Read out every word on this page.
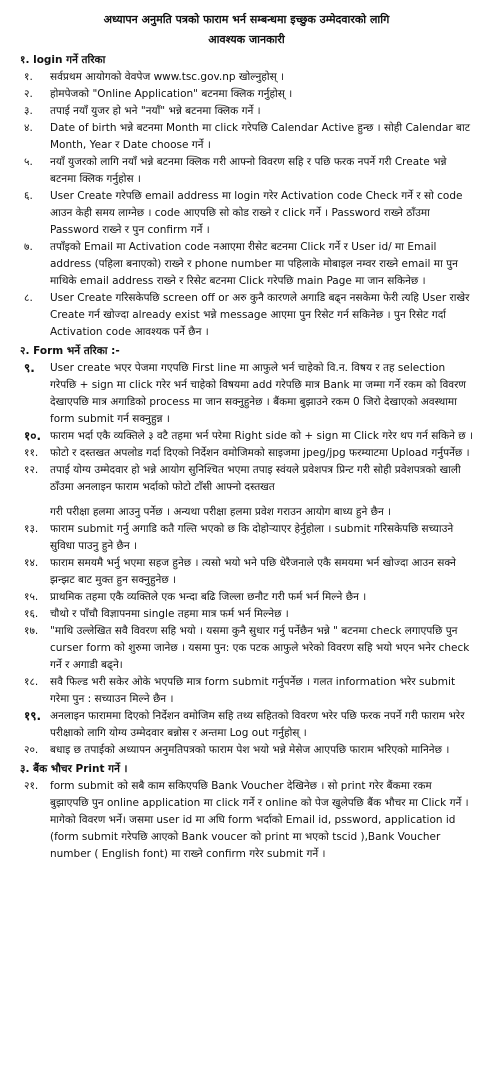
अध्यापन अनुमति पत्रको फाराम भर्न सम्बन्धमा इच्छुक उम्मेदवारको लागि

आवश्यक जानकारी

१. login गर्ने तरिका

१. सर्वप्रथम आयोगको वेवपेज www.tsc.gov.np खोल्नुहोस् ।
२. होमपेजको "Online Application" बटनमा क्लिक गर्नुहोस् ।
३. तपाई नयाँ युजर हो भने "नयाँ" भन्ने बटनमा क्लिक गर्ने ।
४. Date of birth भन्ने बटनमा Month मा click गरेपछि Calendar Active हुन्छ । सोही Calendar बाट Month, Year र Date choose गर्ने ।
५. नयाँ युजरको लागि नयाँ भन्ने बटनमा क्लिक गरी आफ्नो विवरण सहि र पछि फरक नपर्ने गरी Create भन्ने बटनमा क्लिक गर्नुहोस ।
६. User Create गरेपछि email address मा login गरेर Activation code Check गर्ने र सो code आउन केही समय लाग्नेछ । code आएपछि सो कोड राख्ने र click गर्ने । Password राख्ने ठाँउमा Password राख्ने र पुन confirm गर्ने ।
७. तपाँइको Email मा Activation code नआएमा रीसेट बटनमा Click गर्ने र User id/ मा Email address (पहिला बनाएको) राख्ने र phone number मा पहिलाके मोबाइल नम्वर राख्ने email मा पुन माथिके email address राख्ने र रिसेट बटनमा Click गरेपछि main Page मा जान सकिनेछ ।
८. User Create गरिसकेपछि screen off or अरु कुनै कारणले अगाडि बढ्न नसकेमा फेरी त्यहि User राखेर Create गर्न खोज्दा already exist भन्ने message आएमा पुन रिसेट गर्न सकिनेछ । पुन रिसेट गर्दा Activation code आवश्यक पर्ने छैन ।

२. Form भर्ने तरिका :-

९. User create भएर पेजमा गएपछि First line मा आफुले भर्न चाहेको वि.न. विषय र तह selection गरेपछि + sign मा click गरेर भर्न चाहेको विषयमा add गरेपछि मात्र Bank मा जम्मा गर्ने रकम को विवरण देखाएपछि मात्र अगाडिको process मा जान सक्नुहुनेछ । बैंकमा बुझाउने रकम 0 जिरो देखाएको अवस्थामा form submit गर्न सक्नुहुन्न ।
१०. फाराम भर्दा एकै व्यक्तिले ३ वटै तहमा भर्न परेमा Right side को + sign मा Click गरेर थप गर्न सकिने छ ।
११. फोटो र दस्तखत अपलोड गर्दा दिएको निर्देशन वमोजिमको साइजमा jpeg/jpg फरम्याटमा Upload गर्नुपर्नेछ ।
१२. तपाई योग्य उम्मेदवार हो भन्ने आयोग सुनिश्चित भएमा तपाइ स्वंयले प्रवेशपत्र प्रिन्ट गरी सोही प्रवेशपत्रको खाली ठाँउमा अनलाइन फाराम भर्दाको फोटो टाँसी आफ्नो दस्तखत

गरी परीक्षा हलमा आउनु पर्नेछ । अन्यथा परीक्षा हलमा प्रवेश गराउन आयोग बाध्य हुने छैन ।

१३. फाराम submit गर्नु अगाडि कतै गल्ति भएको छ कि दोहोऱ्याएर हेर्नुहोला । submit गरिसकेपछि सच्याउने सुविधा पाउनु हुने छैन ।
१४. फाराम समयमै भर्नु भएमा सहज हुनेछ । त्यसो भयो भने पछि धेरैजनाले एकै समयमा भर्न खोज्दा आउन सक्ने झन्झट बाट मुक्त हुन सक्नुहुनेछ ।
१५. प्राथमिक तहमा एकै व्यक्तिले एक भन्दा बढि जिल्ला छनौट गरी फर्म भर्न मिल्ने छैन ।
१६. चौथो र पाँचौ विज्ञापनमा single तहमा मात्र फर्म भर्न मिल्नेछ ।
१७. "माथि उल्लेखित सवै विवरण सहि भयो । यसमा कुनै सुधार गर्नु पर्नेछैन भन्ने " बटनमा check लगाएपछि पुन curser form को शुरुमा जानेछ । यसमा पुन: एक पटक आफुले भरेको विवरण सहि भयो भएन भनेर check गर्ने र अगाडी बढ्ने।
१८. सवै फिल्ड भरी सकेर ओके भएपछि मात्र form submit गर्नुपर्नेछ । गलत information भरेर submit गरेमा पुन : सच्याउन मिल्ने छैन ।
१९. अनलाइन फाराममा दिएको निर्देशन वमोजिम सहि तथ्य सहितको विवरण भरेर पछि फरक नपर्ने गरी फाराम भरेर परीक्षाको लागि योग्य उम्मेदवार बन्नोस र अन्तमा Log out गर्नुहोस् ।
२०. बधाइ छ तपाईको अध्यापन अनुमतिपत्रको फाराम पेश भयो भन्ने मेसेज आएपछि फाराम भरिएको मानिनेछ ।

३. बैंक भौचर Print गर्ने ।

२१. form submit को सबै काम सकिएपछि Bank Voucher देखिनेछ । सो print गरेर बैंकमा रकम बुझाएपछि पुन online application मा click गर्ने र online को पेज खुलेपछि बैंक भौचर मा Click गर्ने । मागेको विवरण भर्ने। जसमा user id मा अघि form भर्दाको Email id, pssword, application id (form submit गरेपछि आएको Bank voucer को print मा भएको tscid ),Bank Voucher number ( English font) मा राख्ने confirm गरेर submit गर्ने ।
